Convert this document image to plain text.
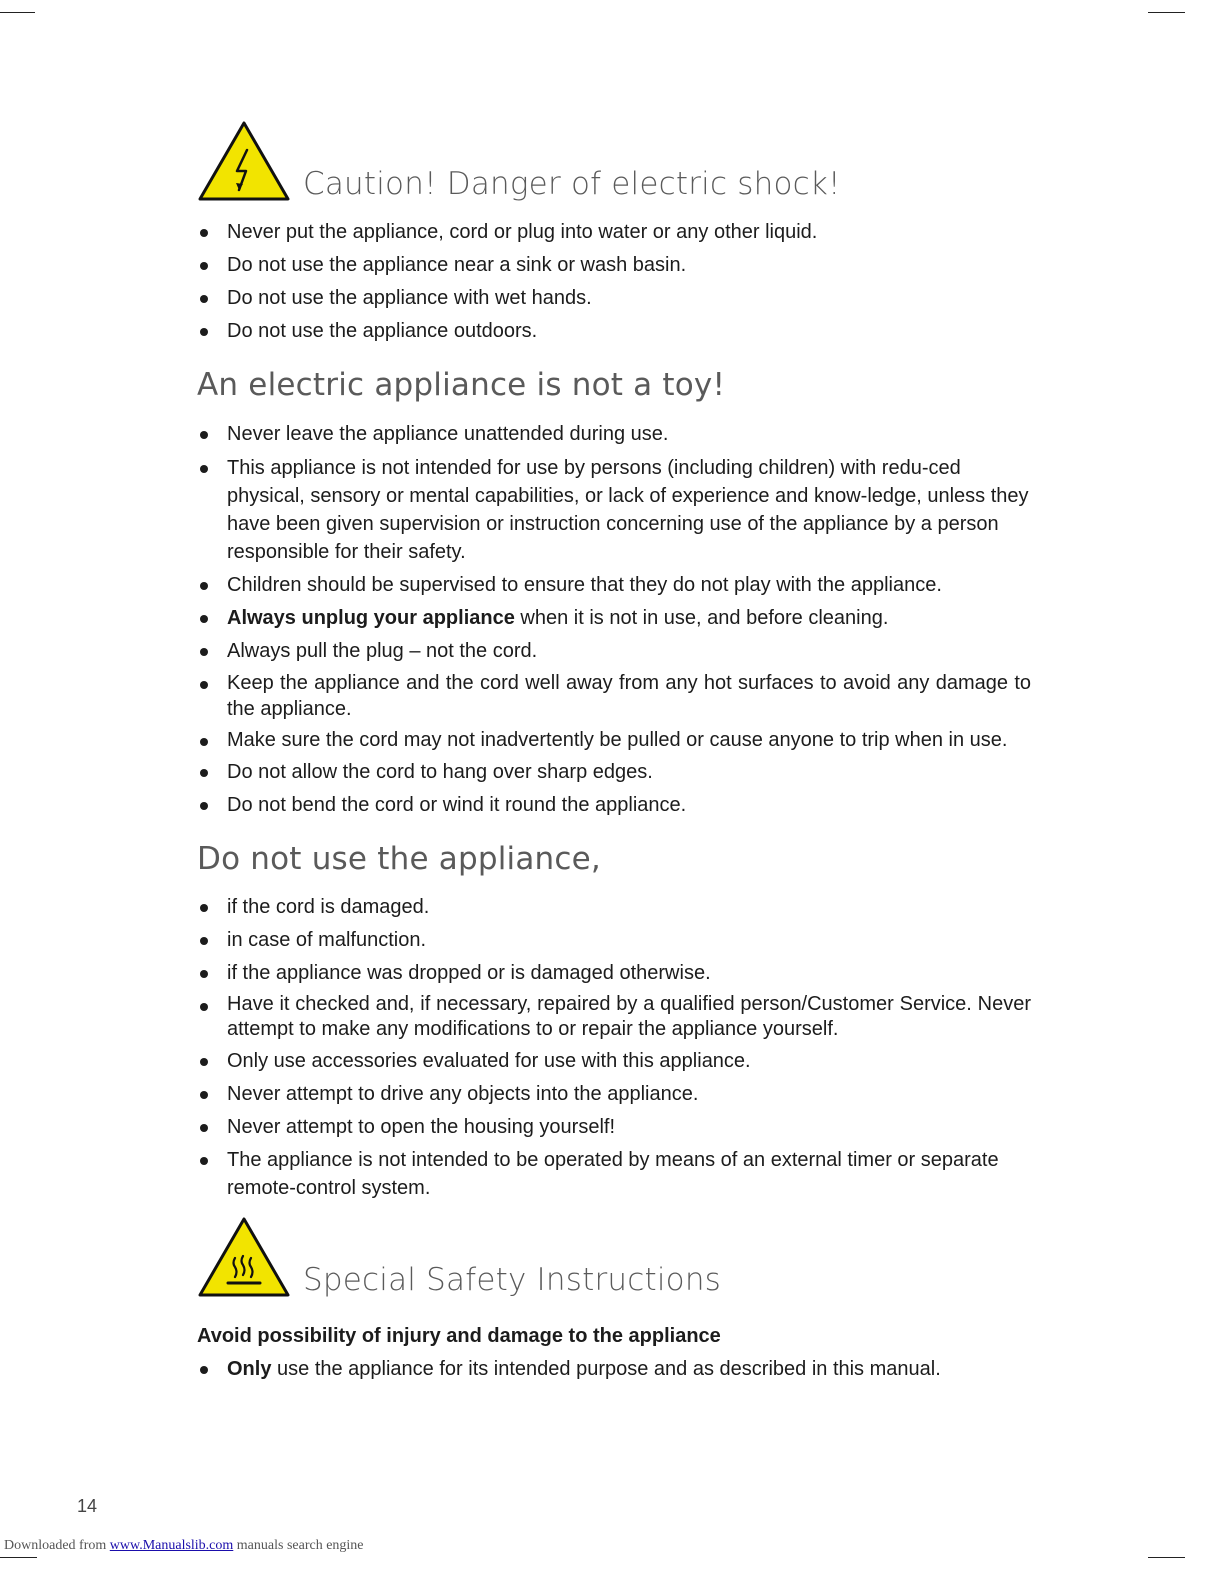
Caution! Danger of electric shock!
Never put the appliance, cord or plug into water or any other liquid.
Do not use the appliance near a sink or wash basin.
Do not use the appliance with wet hands.
Do not use the appliance outdoors.
An electric appliance is not a toy!
Never leave the appliance unattended during use.
This appliance is not intended for use by persons (including children) with redu-ced physical, sensory or mental capabilities, or lack of experience and know-ledge, unless they have been given supervision or instruction concerning use of the appliance by a person responsible for their safety.
Children should be supervised to ensure that they do not play with the appliance.
Always unplug your appliance when it is not in use, and before cleaning.
Always pull the plug – not the cord.
Keep the appliance and the cord well away from any hot surfaces to avoid any damage to the appliance.
Make sure the cord may not inadvertently be pulled or cause anyone to trip when in use.
Do not allow the cord to hang over sharp edges.
Do not bend the cord or wind it round the appliance.
Do not use the appliance,
if the cord is damaged.
in case of malfunction.
if the appliance was dropped or is damaged otherwise.
Have it checked and, if necessary, repaired by a qualified person/Customer Service. Never attempt to make any modifications to or repair the appliance yourself.
Only use accessories evaluated for use with this appliance.
Never attempt to drive any objects into the appliance.
Never attempt to open the housing yourself!
The appliance is not intended to be operated by means of an external timer or separate remote-control system.
Special Safety Instructions
Avoid possibility of injury and damage to the appliance
Only use the appliance for its intended purpose and as described in this manual.
14
Downloaded from www.Manualslib.com manuals search engine
